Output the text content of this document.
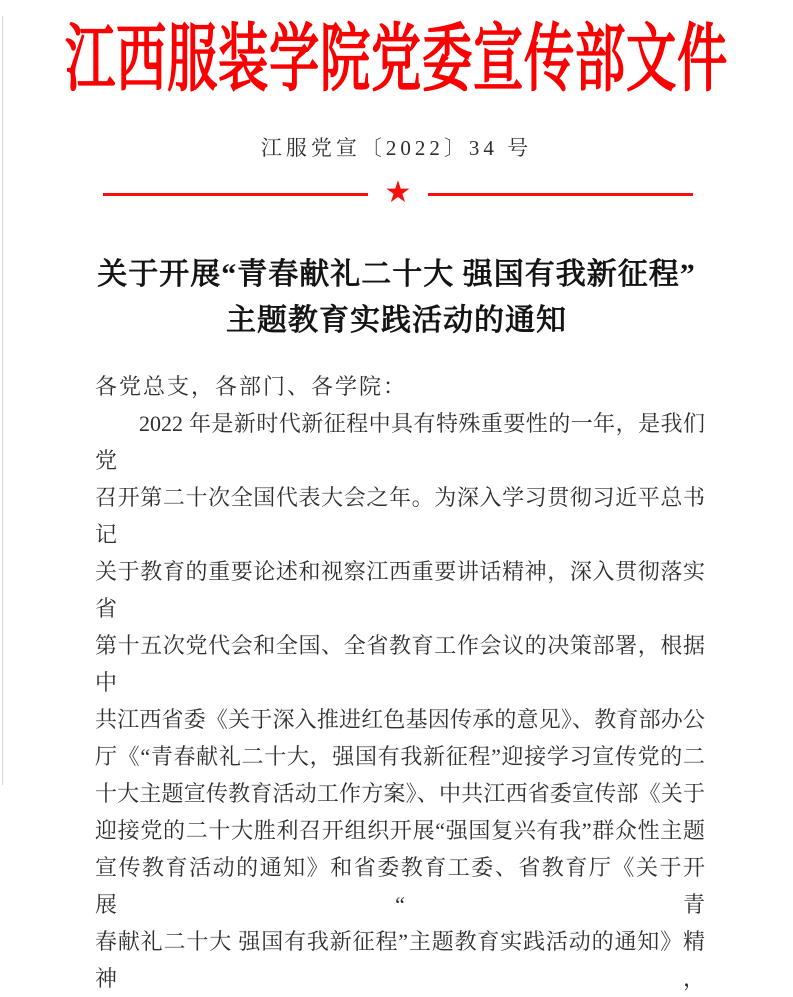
江西服装学院党委宣传部文件
江服党宣〔2022〕34 号
★
关于开展“青春献礼二十大 强国有我新征程”
主题教育实践活动的通知
各党总支，各部门、各学院：
2022 年是新时代新征程中具有特殊重要性的一年，是我们党
召开第二十次全国代表大会之年。为深入学习贯彻习近平总书记
关于教育的重要论述和视察江西重要讲话精神，深入贯彻落实省
第十五次党代会和全国、全省教育工作会议的决策部署，根据中
共江西省委《关于深入推进红色基因传承的意见》、教育部办公
厅《“青春献礼二十大，强国有我新征程”迎接学习宣传党的二
十大主题宣传教育活动工作方案》、中共江西省委宣传部《关于
迎接党的二十大胜利召开组织开展“强国复兴有我”群众性主题
宣传教育活动的通知》和省委教育工委、省教育厅《关于开展“青
春献礼二十大 强国有我新征程”主题教育实践活动的通知》精神，
